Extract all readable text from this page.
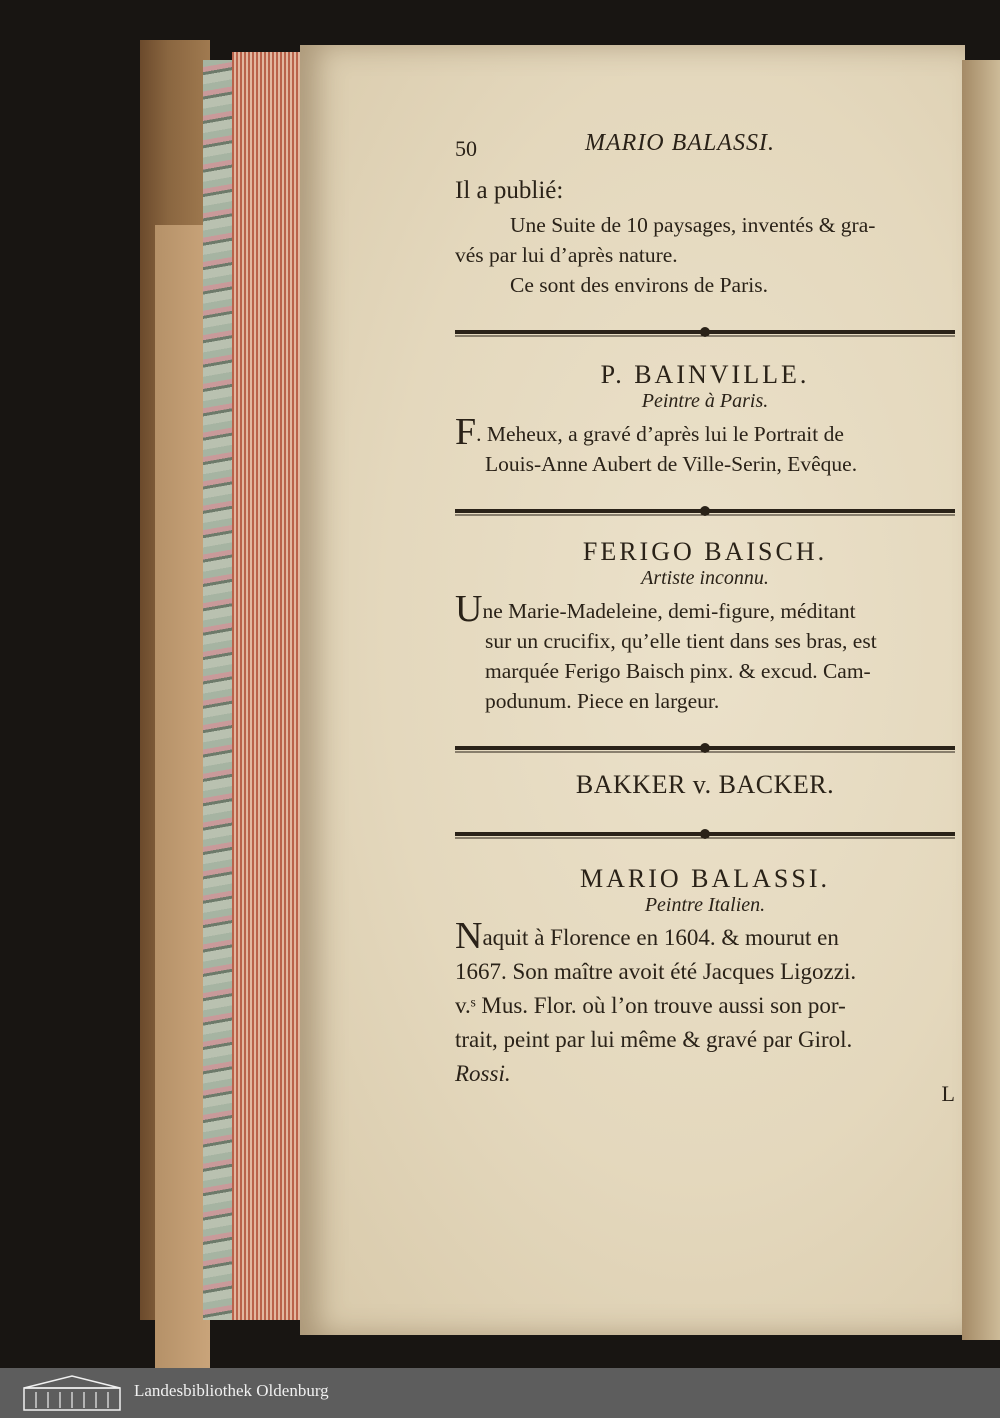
50	MARIO BALASSI.

Il a publié:

Une Suite de 10 paysages, inventés & gra-

vés par lui d’après nature.

Ce sont des environs de Paris.

P. BAINVILLE.

Peintre à Paris.

F. Meheux, a gravé d’après lui le Portrait de

Louis-Anne Aubert de Ville-Serin, Evêque.

FERIGO BAISCH.

Artiste inconnu.

Une Marie-Madeleine, demi-figure, méditant

sur un crucifix, qu’elle tient dans ses bras, est

marquée Ferigo Baisch pinx. & excud. Cam-

podunum. Piece en largeur.

BAKKER v. BACKER.

MARIO BALASSI.

Peintre Italien.

Naquit à Florence en 1604. & mourut en

1667. Son maître avoit été Jacques Ligozzi.

v.ˢ Mus. Flor. où l’on trouve aussi son por-

trait, peint par lui même & gravé par Girol.

Rossi.
L

Landesbibliothek Oldenburg
